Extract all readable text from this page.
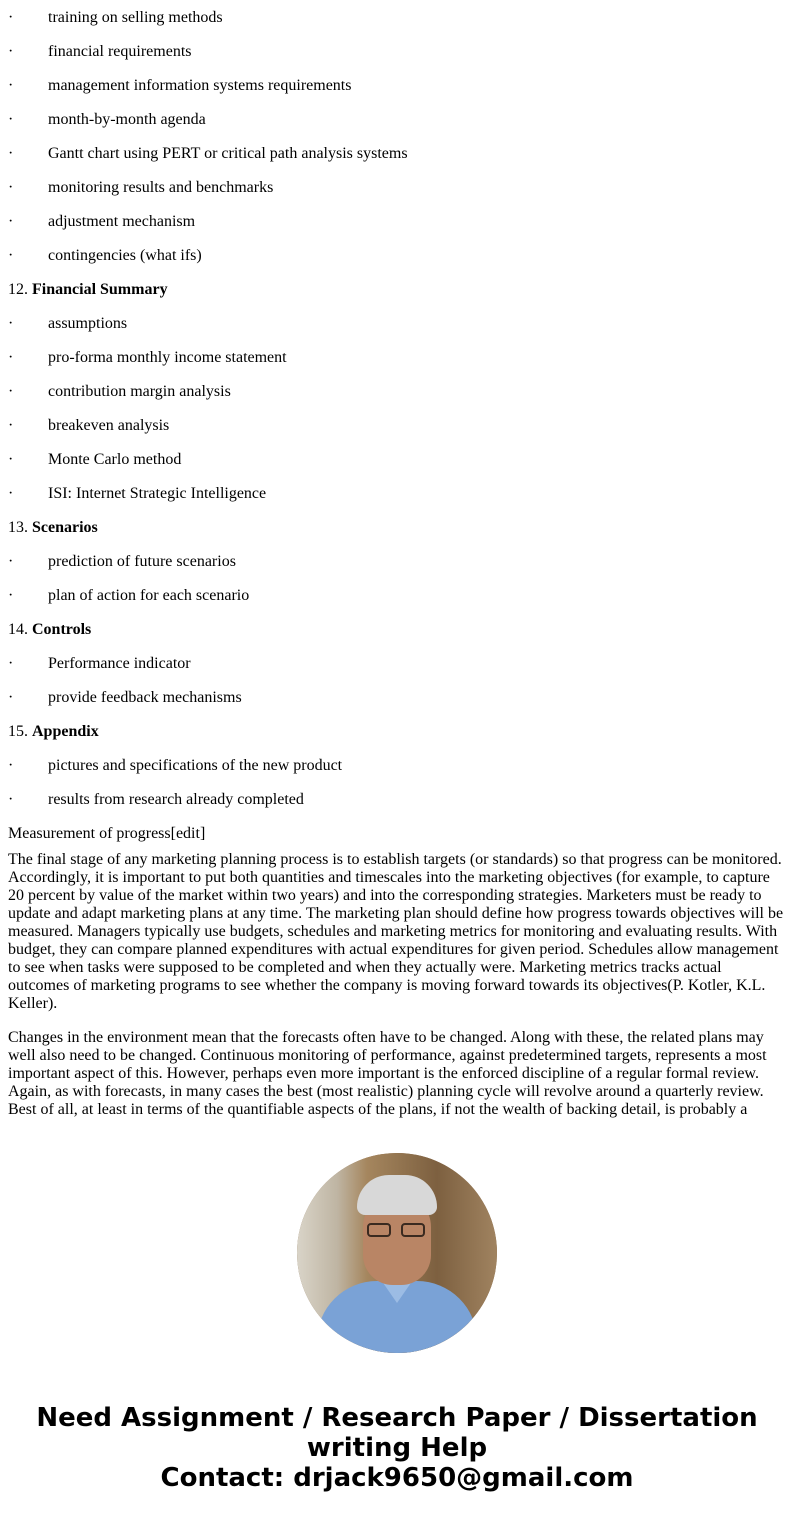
·	training on selling methods
·	financial requirements
·	management information systems requirements
·	month-by-month agenda
·	Gantt chart using PERT or critical path analysis systems
·	monitoring results and benchmarks
·	adjustment mechanism
·	contingencies (what ifs)
12. Financial Summary
·	assumptions
·	pro-forma monthly income statement
·	contribution margin analysis
·	breakeven analysis
·	Monte Carlo method
·	ISI: Internet Strategic Intelligence
13. Scenarios
·	prediction of future scenarios
·	plan of action for each scenario
14. Controls
·	Performance indicator
·	provide feedback mechanisms
15. Appendix
·	pictures and specifications of the new product
·	results from research already completed
Measurement of progress[edit]

The final stage of any marketing planning process is to establish targets (or standards) so that progress can be monitored. Accordingly, it is important to put both quantities and timescales into the marketing objectives (for example, to capture 20 percent by value of the market within two years) and into the corresponding strategies. Marketers must be ready to update and adapt marketing plans at any time. The marketing plan should define how progress towards objectives will be measured. Managers typically use budgets, schedules and marketing metrics for monitoring and evaluating results. With budget, they can compare planned expenditures with actual expenditures for given period. Schedules allow management to see when tasks were supposed to be completed and when they actually were. Marketing metrics tracks actual outcomes of marketing programs to see whether the company is moving forward towards its objectives(P. Kotler, K.L. Keller).

Changes in the environment mean that the forecasts often have to be changed. Along with these, the related plans may well also need to be changed. Continuous monitoring of performance, against predetermined targets, represents a most important aspect of this. However, perhaps even more important is the enforced discipline of a regular formal review. Again, as with forecasts, in many cases the best (most realistic) planning cycle will revolve around a quarterly review. Best of all, at least in terms of the quantifiable aspects of the plans, if not the wealth of backing detail, is probably a

Need Assignment / Research Paper / Dissertation
writing Help
Contact: drjack9650@gmail.com
